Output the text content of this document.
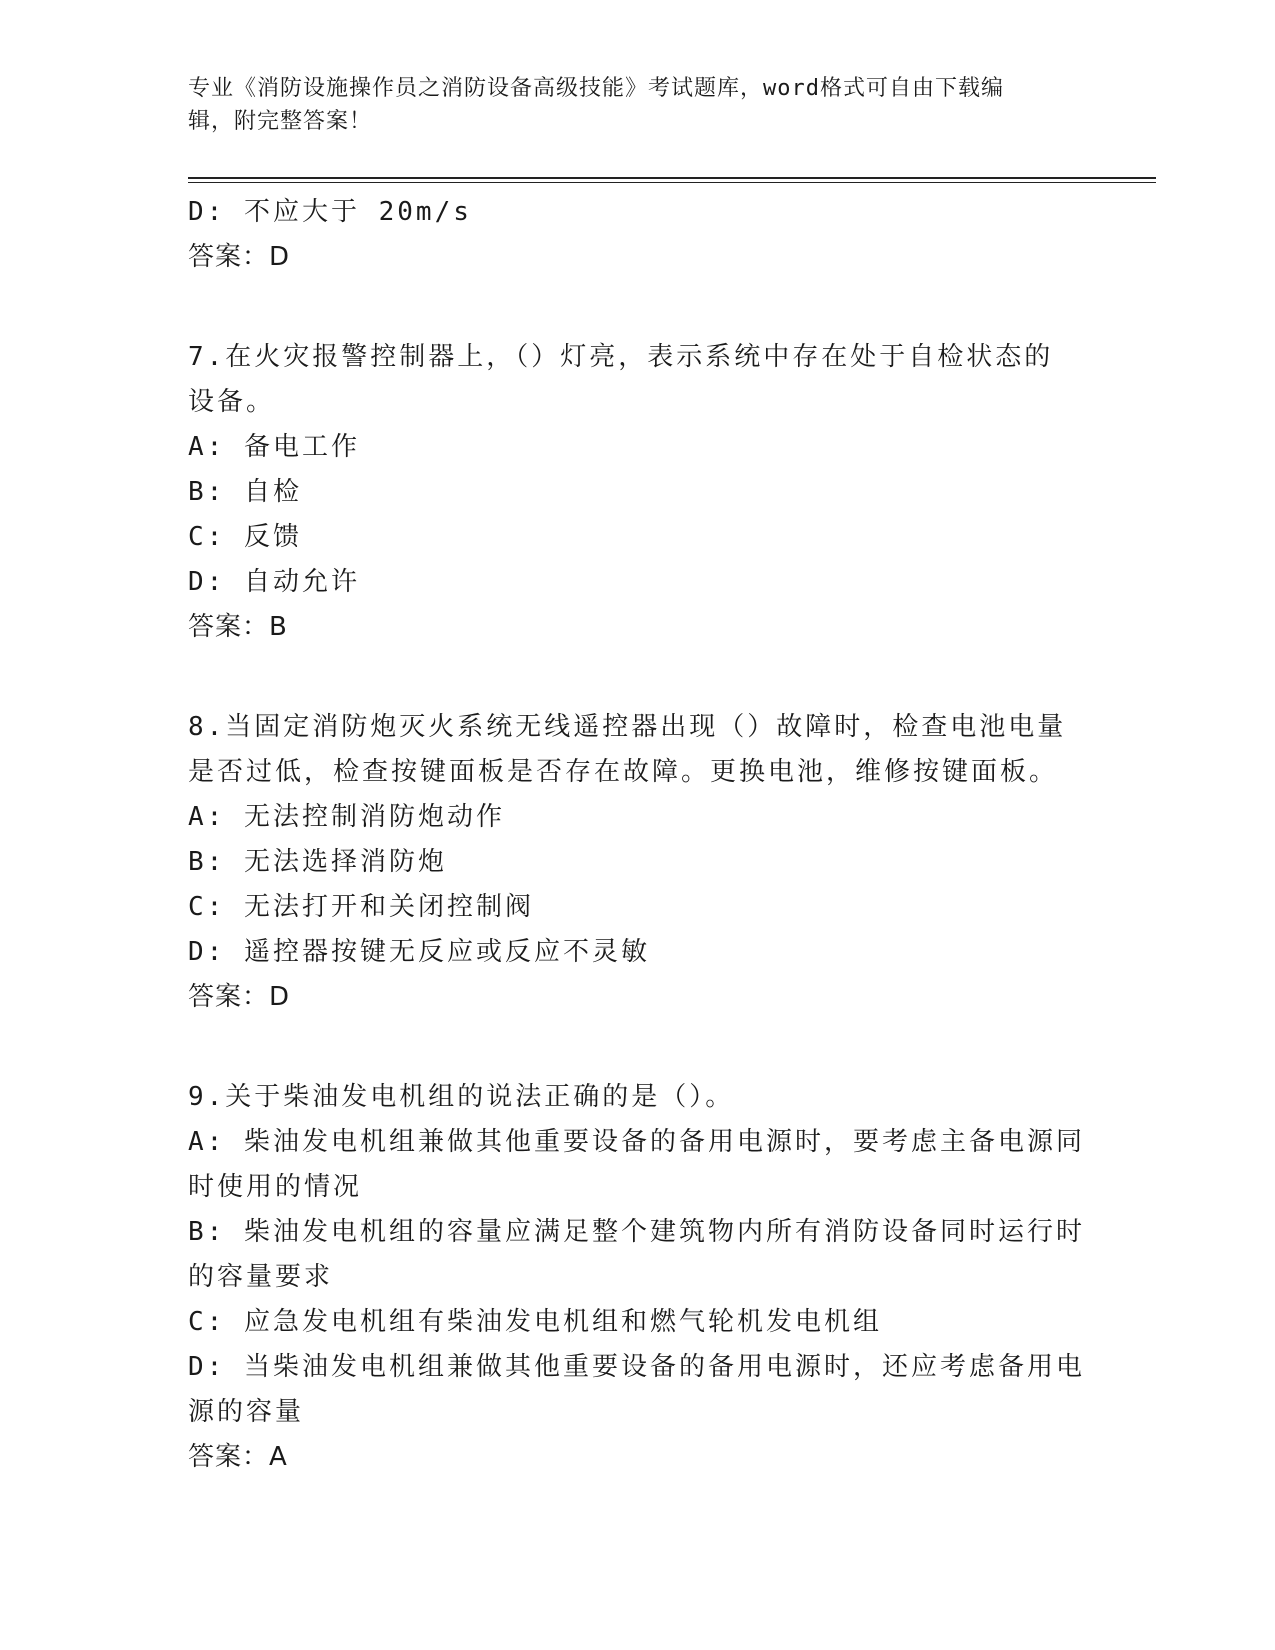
专业《消防设施操作员之消防设备高级技能》考试题库，word格式可自由下载编
辑，附完整答案！
D: 不应大于 20m/s
答案：D
7.在火灾报警控制器上，（）灯亮，表示系统中存在处于自检状态的
设备。
A: 备电工作
B: 自检
C: 反馈
D: 自动允许
答案：B
8.当固定消防炮灭火系统无线遥控器出现（）故障时，检查电池电量
是否过低，检查按键面板是否存在故障。更换电池，维修按键面板。
A: 无法控制消防炮动作
B: 无法选择消防炮
C: 无法打开和关闭控制阀
D: 遥控器按键无反应或反应不灵敏
答案：D
9.关于柴油发电机组的说法正确的是（）。
A: 柴油发电机组兼做其他重要设备的备用电源时，要考虑主备电源同
时使用的情况
B: 柴油发电机组的容量应满足整个建筑物内所有消防设备同时运行时
的容量要求
C: 应急发电机组有柴油发电机组和燃气轮机发电机组
D: 当柴油发电机组兼做其他重要设备的备用电源时，还应考虑备用电
源的容量
答案：A
